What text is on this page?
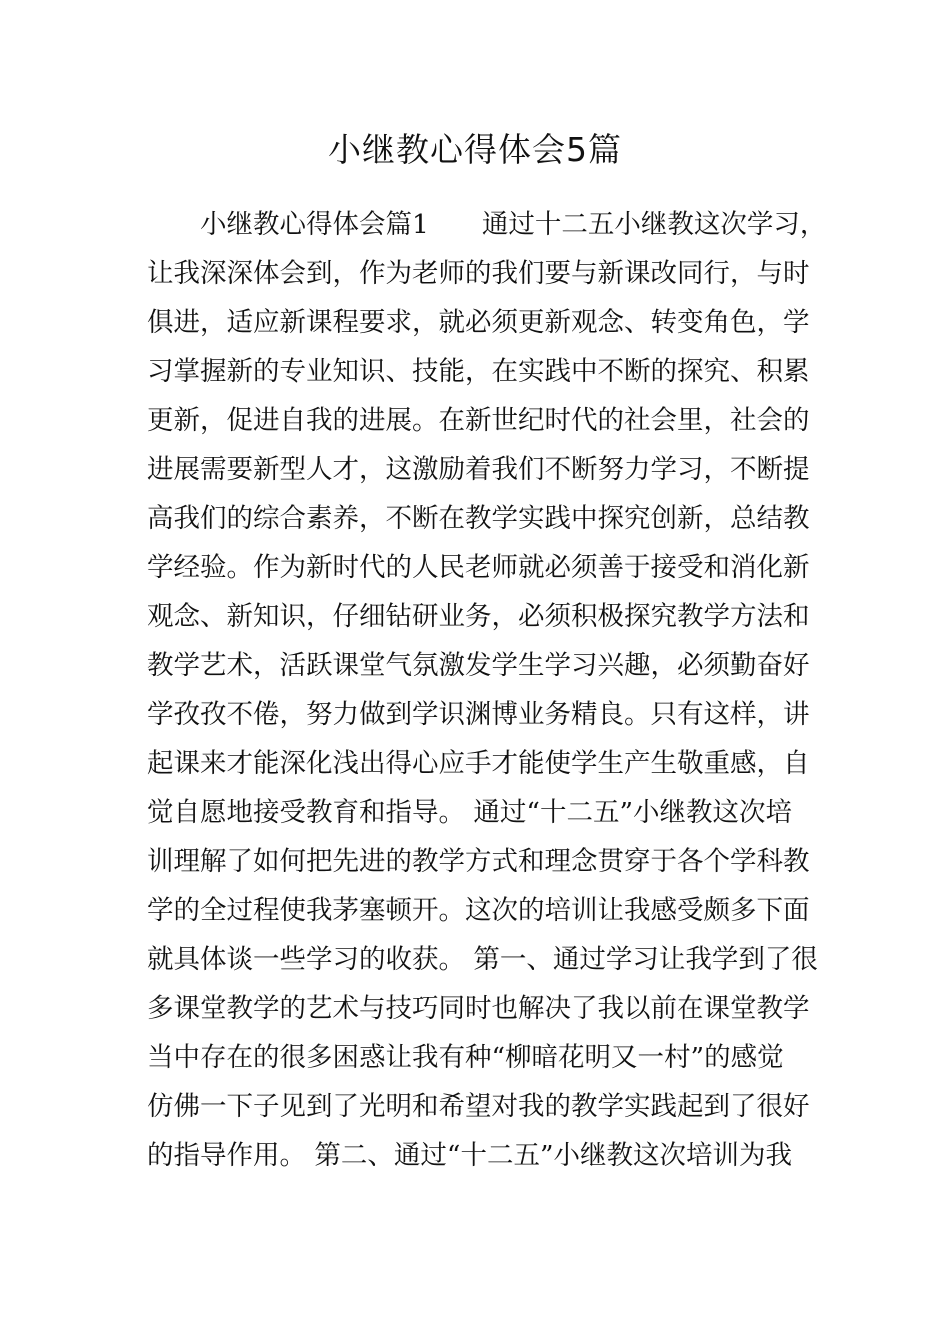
小继教心得体会5篇
小继教心得体会篇1　　通过十二五小继教这次学习，
让我深深体会到，作为老师的我们要与新课改同行，与时
俱进，适应新课程要求，就必须更新观念、转变角色，学
习掌握新的专业知识、技能，在实践中不断的探究、积累
更新，促进自我的进展。在新世纪时代的社会里，社会的
进展需要新型人才，这激励着我们不断努力学习，不断提
高我们的综合素养，不断在教学实践中探究创新，总结教
学经验。作为新时代的人民老师就必须善于接受和消化新
观念、新知识，仔细钻研业务，必须积极探究教学方法和
教学艺术，活跃课堂气氛激发学生学习兴趣，必须勤奋好
学孜孜不倦，努力做到学识渊博业务精良。只有这样，讲
起课来才能深化浅出得心应手才能使学生产生敬重感，自
觉自愿地接受教育和指导。 通过“十二五”小继教这次培
训理解了如何把先进的教学方式和理念贯穿于各个学科教
学的全过程使我茅塞顿开。这次的培训让我感受颇多下面
就具体谈一些学习的收获。 第一、通过学习让我学到了很
多课堂教学的艺术与技巧同时也解决了我以前在课堂教学
当中存在的很多困惑让我有种“柳暗花明又一村”的感觉
仿佛一下子见到了光明和希望对我的教学实践起到了很好
的指导作用。 第二、通过“十二五”小继教这次培训为我
